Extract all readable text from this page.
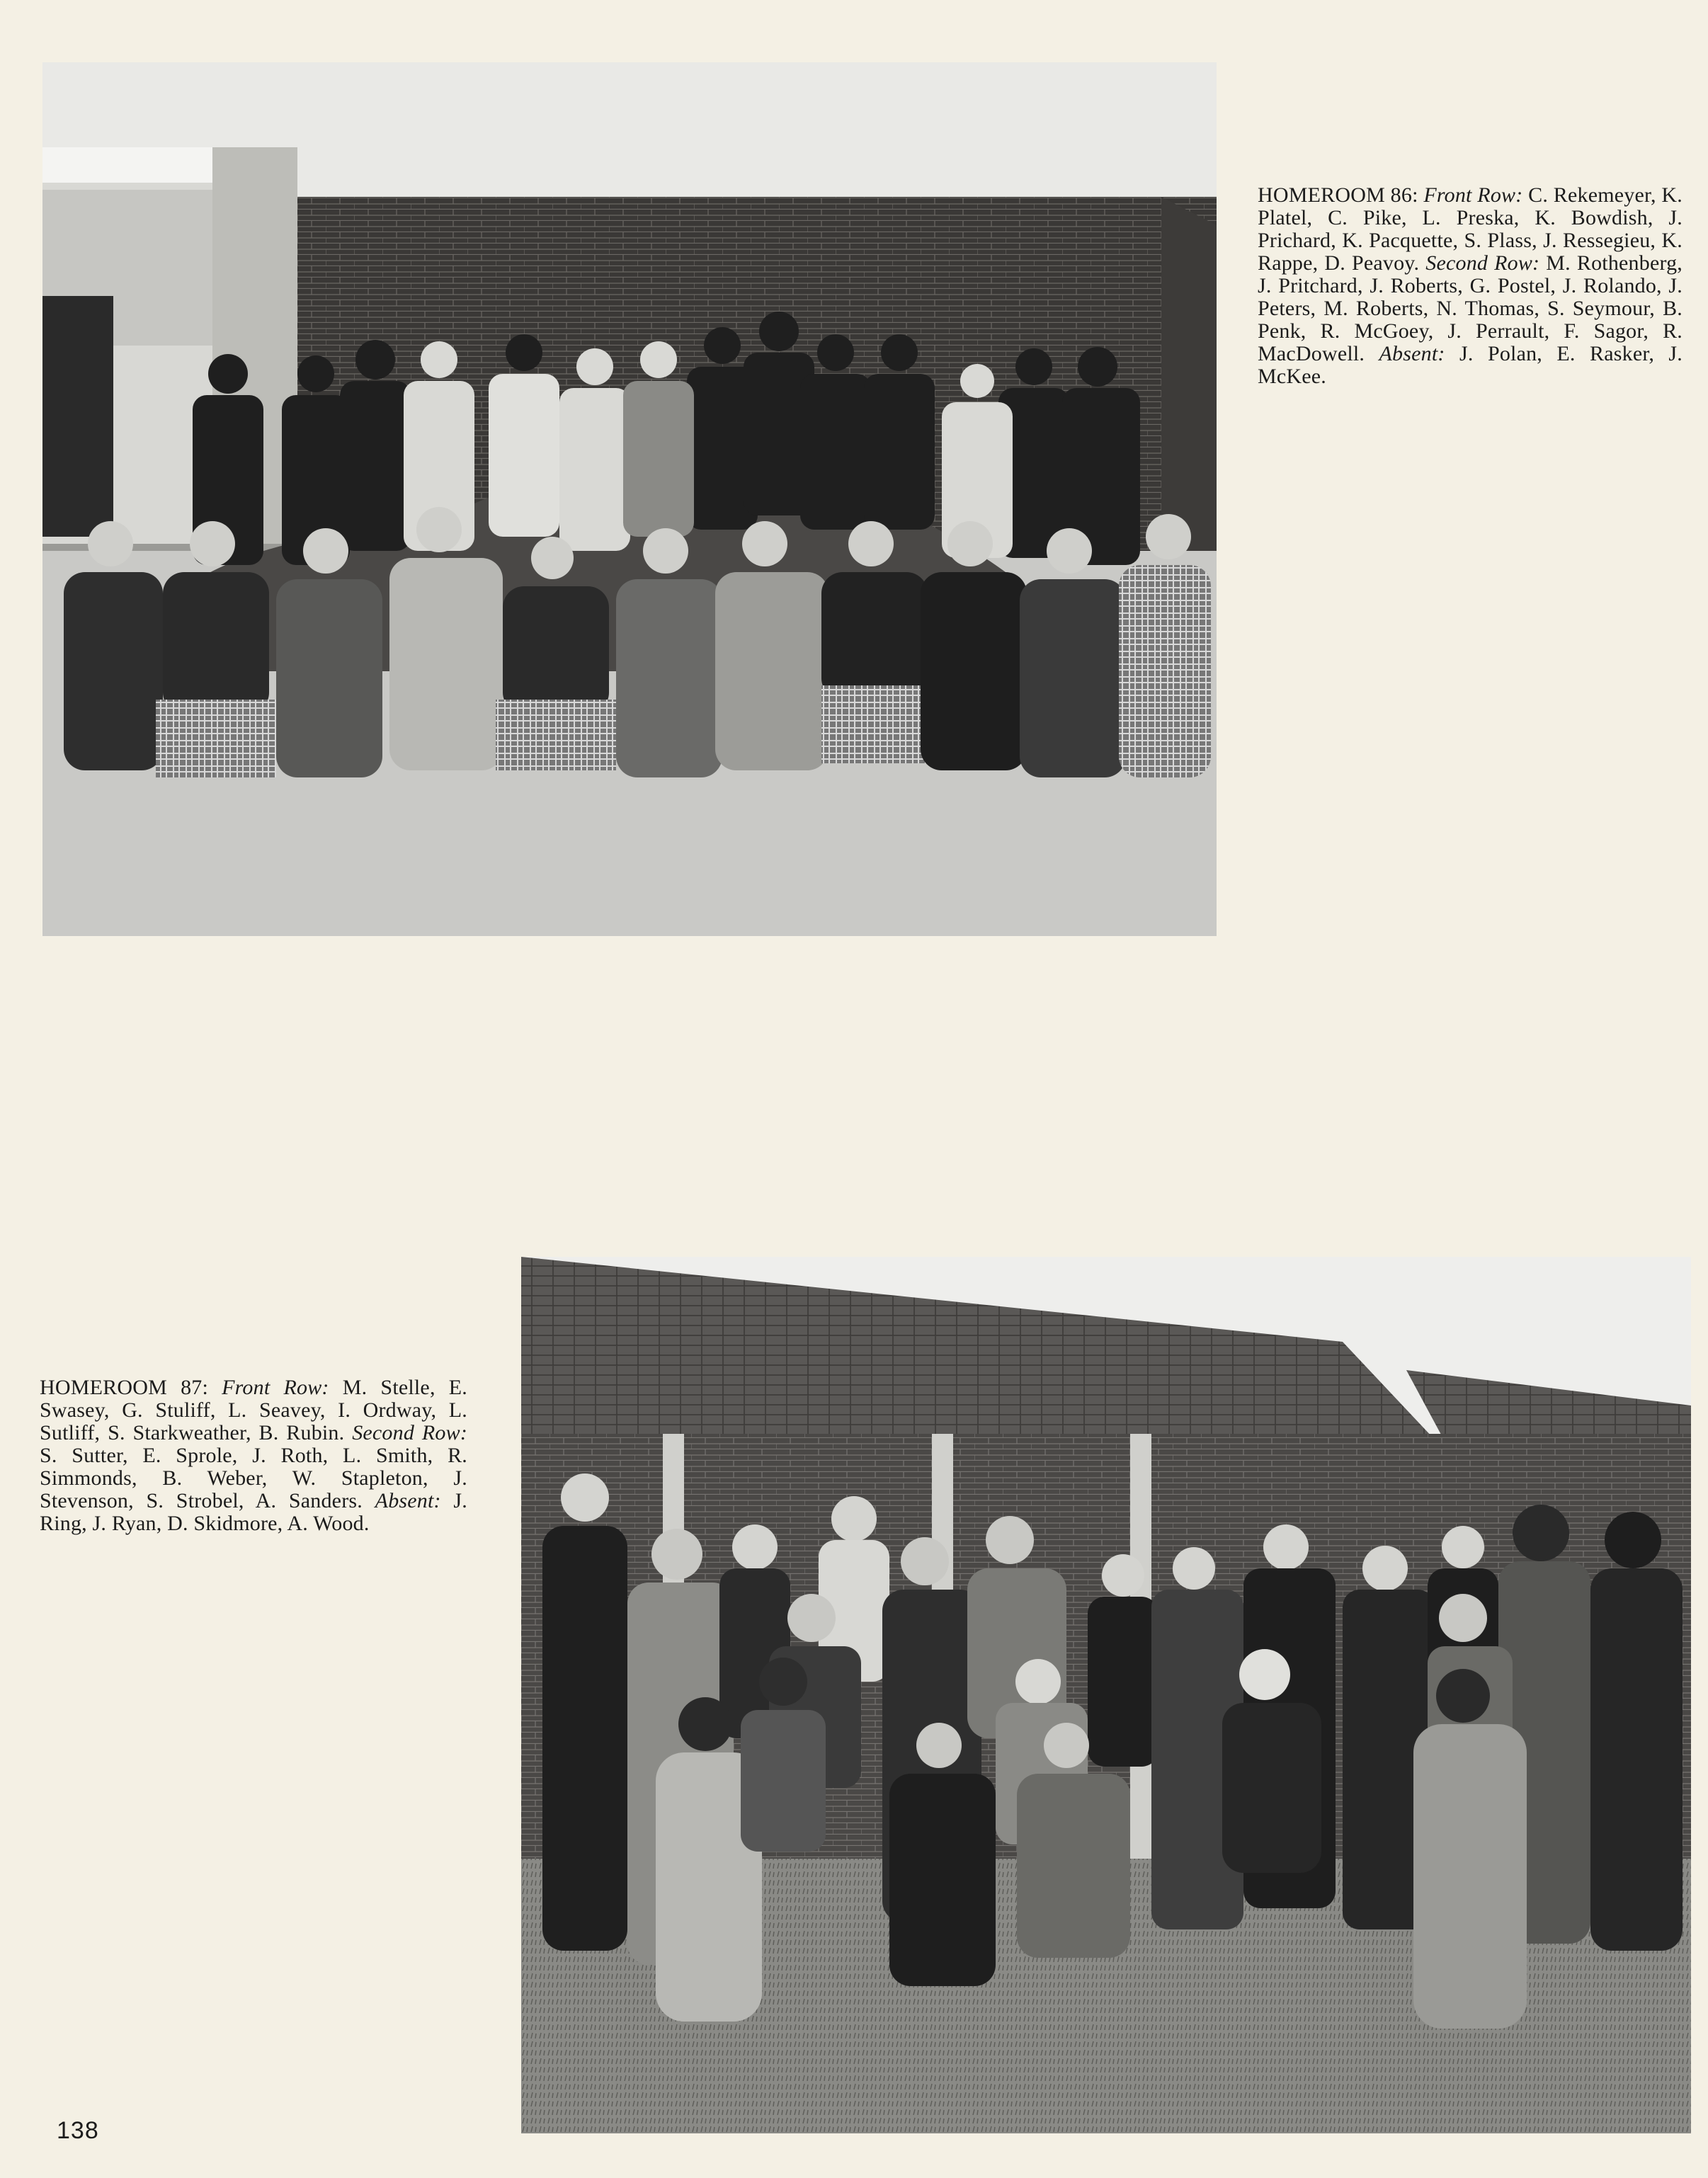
HOMEROOM 86: Front Row: C. Rekemeyer, K. Platel, C. Pike, L. Preska, K. Bowdish, J. Prichard, K. Pacquette, S. Plass, J. Ressegieu, K. Rappe, D. Peavoy. Second Row: M. Rothenberg, J. Pritchard, J. Roberts, G. Postel, J. Rolando, J. Peters, M. Roberts, N. Thomas, S. Seymour, B. Penk, R. McGoey, J. Perrault, F. Sagor, R. MacDowell. Absent: J. Polan, E. Rasker, J. McKee.
HOMEROOM 87: Front Row: M. Stelle, E. Swasey, G. Stuliff, L. Seavey, I. Ordway, L. Sutliff, S. Starkweather, B. Rubin. Second Row: S. Sutter, E. Sprole, J. Roth, L. Smith, R. Simmonds, B. Weber, W. Stapleton, J. Stevenson, S. Strobel, A. Sanders. Absent: J. Ring, J. Ryan, D. Skidmore, A. Wood.
138
